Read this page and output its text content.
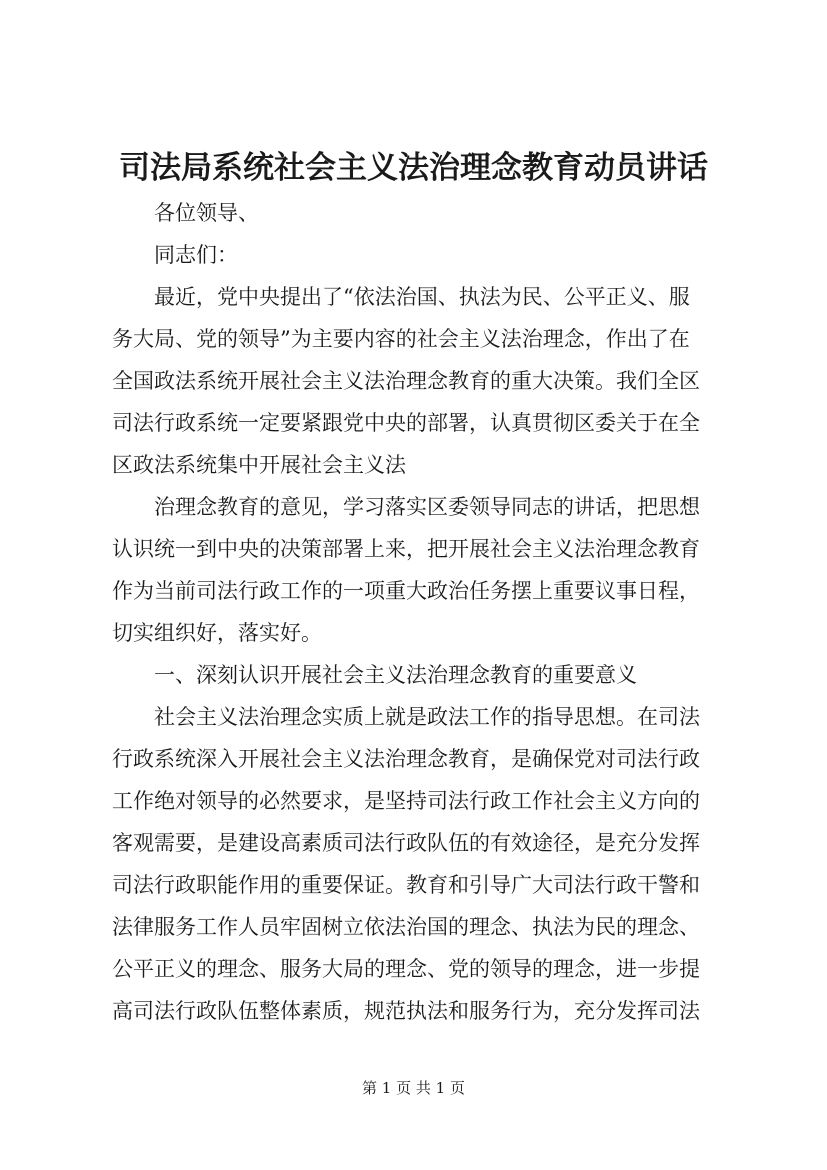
司法局系统社会主义法治理念教育动员讲话
各位领导、
同志们：
最近，党中央提出了“依法治国、执法为民、公平正义、服
务大局、党的领导”为主要内容的社会主义法治理念，作出了在
全国政法系统开展社会主义法治理念教育的重大决策。我们全区
司法行政系统一定要紧跟党中央的部署，认真贯彻区委关于在全
区政法系统集中开展社会主义法
治理念教育的意见，学习落实区委领导同志的讲话，把思想
认识统一到中央的决策部署上来，把开展社会主义法治理念教育
作为当前司法行政工作的一项重大政治任务摆上重要议事日程，
切实组织好，落实好。
一、深刻认识开展社会主义法治理念教育的重要意义
社会主义法治理念实质上就是政法工作的指导思想。在司法
行政系统深入开展社会主义法治理念教育，是确保党对司法行政
工作绝对领导的必然要求，是坚持司法行政工作社会主义方向的
客观需要，是建设高素质司法行政队伍的有效途径，是充分发挥
司法行政职能作用的重要保证。教育和引导广大司法行政干警和
法律服务工作人员牢固树立依法治国的理念、执法为民的理念、
公平正义的理念、服务大局的理念、党的领导的理念，进一步提
高司法行政队伍整体素质，规范执法和服务行为，充分发挥司法
第 1 页 共 1 页
